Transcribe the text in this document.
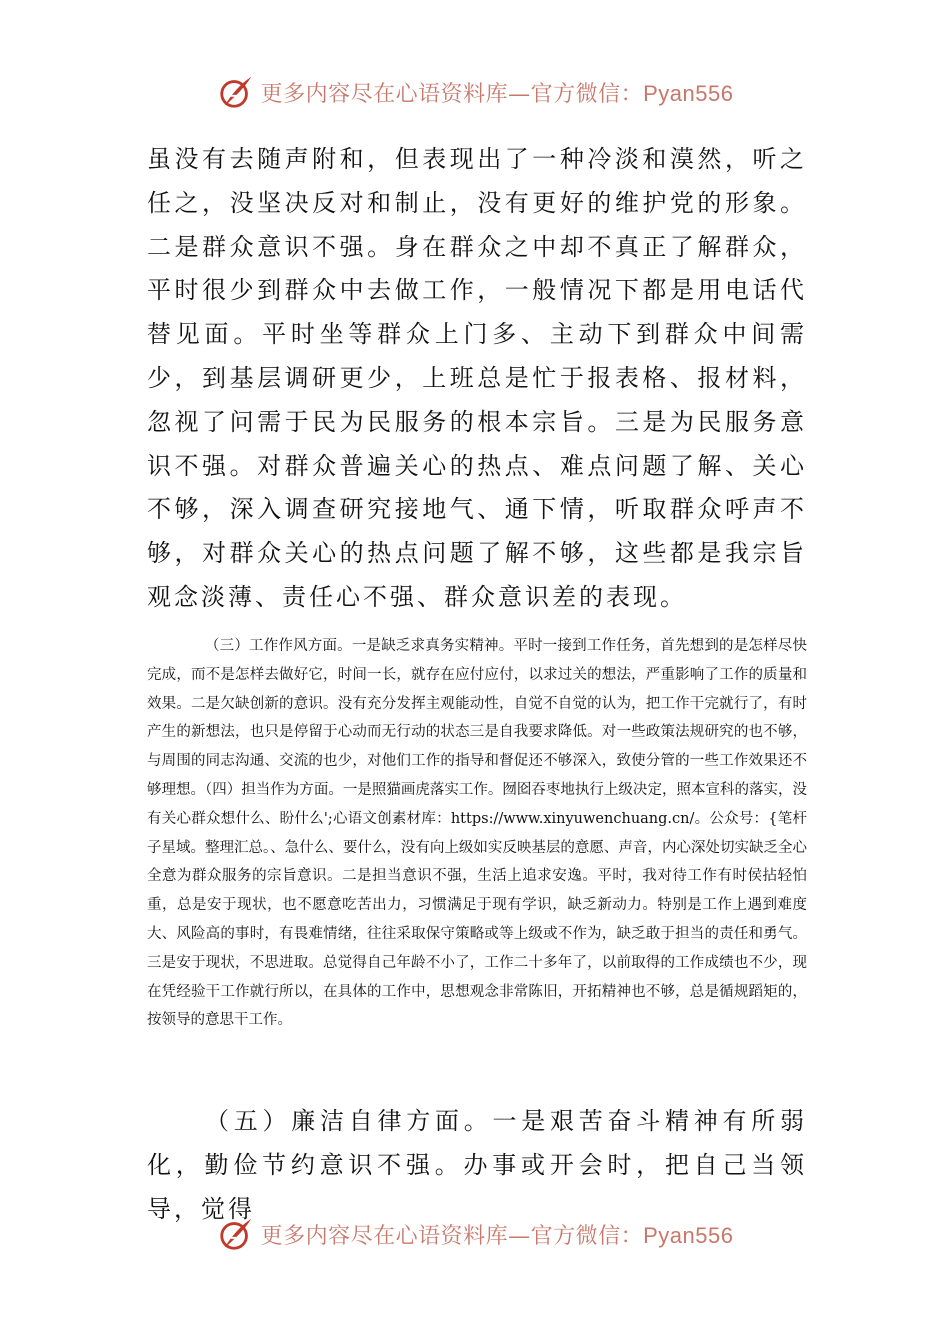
更多内容尽在心语资料库—官方微信：Pyan556

虽没有去随声附和，但表现出了一种冷淡和漠然，听之任之，没坚决反对和制止，没有更好的维护党的形象。二是群众意识不强。身在群众之中却不真正了解群众，平时很少到群众中去做工作，一般情况下都是用电话代替见面。平时坐等群众上门多、主动下到群众中间需少，到基层调研更少，上班总是忙于报表格、报材料，忽视了问需于民为民服务的根本宗旨。三是为民服务意识不强。对群众普遍关心的热点、难点问题了解、关心不够，深入调查研究接地气、通下情，听取群众呼声不够，对群众关心的热点问题了解不够，这些都是我宗旨观念淡薄、责任心不强、群众意识差的表现。

（三）工作作风方面。一是缺乏求真务实精神。平时一接到工作任务，首先想到的是怎样尽快完成，而不是怎样去做好它，时间一长，就存在应付应付，以求过关的想法，严重影响了工作的质量和效果。二是欠缺创新的意识。没有充分发挥主观能动性，自觉不自觉的认为，把工作干完就行了，有时产生的新想法，也只是停留于心动而无行动的状态三是自我要求降低。对一些政策法规研究的也不够，与周围的同志沟通、交流的也少，对他们工作的指导和督促还不够深入，致使分管的一些工作效果还不够理想。（四）担当作为方面。一是照猫画虎落实工作。囫囵吞枣地执行上级决定，照本宣科的落实，没有关心群众想什么、盼什么';心语文创素材库：https://www.xinyuwenchuang.cn/。公众号：{笔杆子星域。整理汇总。、急什么、要什么，没有向上级如实反映基层的意愿、声音，内心深处切实缺乏全心全意为群众服务的宗旨意识。二是担当意识不强，生活上追求安逸。平时，我对待工作有时侯拈轻怕重，总是安于现状，也不愿意吃苦出力，习惯满足于现有学识，缺乏新动力。特别是工作上遇到难度大、风险高的事时，有畏难情绪，往往采取保守策略或等上级或不作为，缺乏敢于担当的责任和勇气。三是安于现状，不思进取。总觉得自己年龄不小了，工作二十多年了，以前取得的工作成绩也不少，现在凭经验干工作就行所以，在具体的工作中，思想观念非常陈旧，开拓精神也不够，总是循规蹈矩的，按领导的意思干工作。

（五）廉洁自律方面。一是艰苦奋斗精神有所弱化，勤俭节约意识不强。办事或开会时，把自己当领导，觉得

更多内容尽在心语资料库—官方微信：Pyan556
